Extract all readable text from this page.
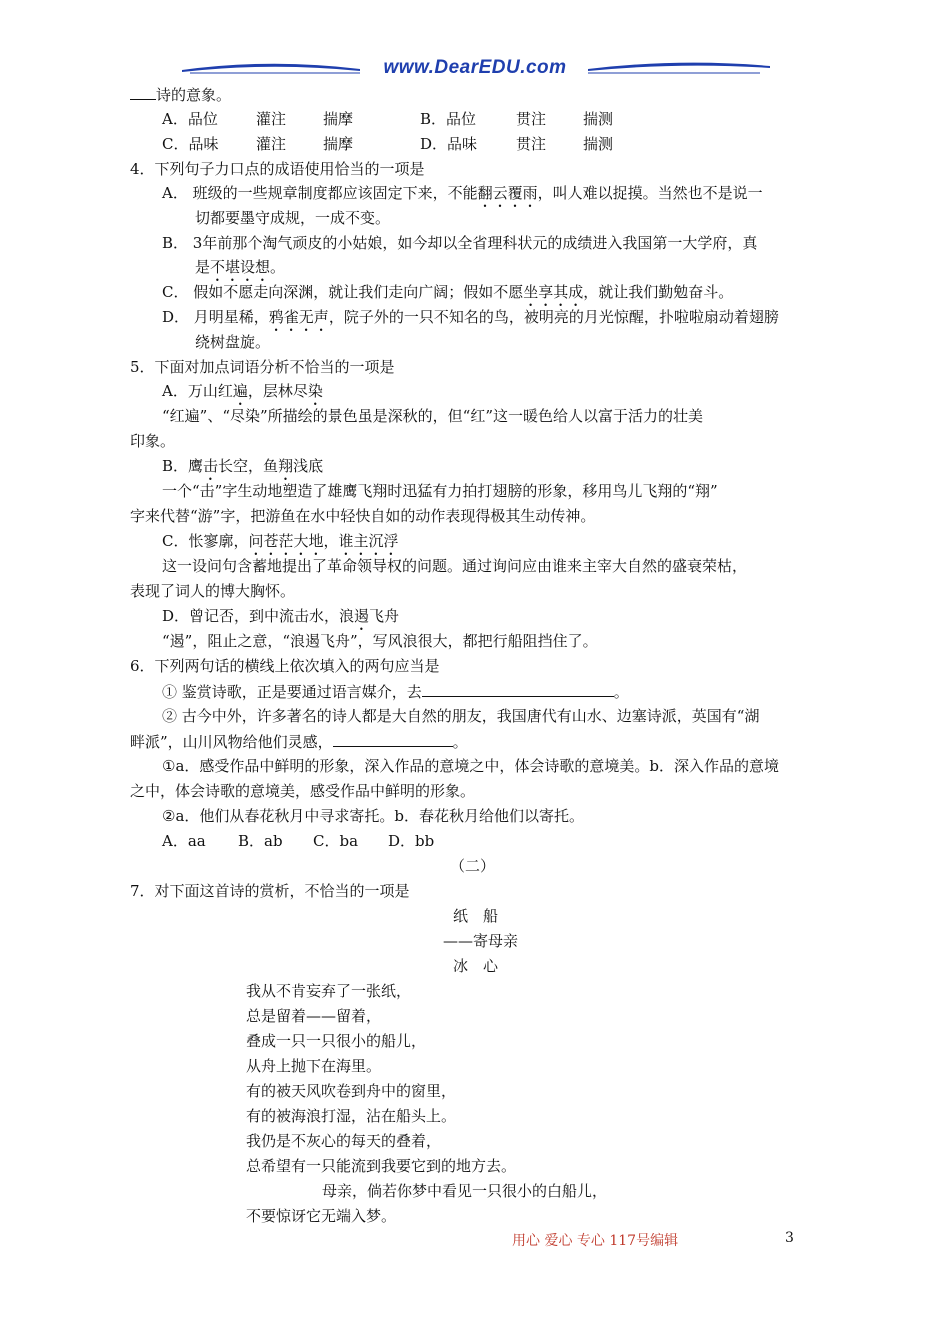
www.DearEDU.com
诗的意象。
A．品位	灌注 揣摩	B．品位	贯注 揣测
C．品味	灌注 揣摩	D．品味	贯注 揣测
4．下列句子力口点的成语使用恰当的一项是
A． 班级的一些规章制度都应该固定下来，不能翻云覆雨，叫人难以捉摸。当然也不是说一
切都要墨守成规，一成不变。
B． 3年前那个淘气顽皮的小姑娘，如今却以全省理科状元的成绩进入我国第一大学府，真
是不堪设想。
C． 假如不愿走向深渊，就让我们走向广阔；假如不愿坐享其成，就让我们勤勉奋斗。
D． 月明星稀，鸦雀无声，院子外的一只不知名的鸟，被明亮的月光惊醒，扑啦啦扇动着翅膀
绕树盘旋。
5．下面对加点词语分析不恰当的一项是
A．万山红遍，层林尽染
“红遍”、“尽染”所描绘的景色虽是深秋的，但“红”这一暖色给人以富于活力的壮美
印象。
B．鹰击长空，鱼翔浅底
一个“击”字生动地塑造了雄鹰飞翔时迅猛有力拍打翅膀的形象，移用鸟儿飞翔的“翔”
字来代替“游”字，把游鱼在水中轻快自如的动作表现得极其生动传神。
C．怅寥廓，问苍茫大地，谁主沉浮
这一设问句含蓄地提出了革命领导权的问题。通过询问应由谁来主宰大自然的盛衰荣枯，
表现了词人的博大胸怀。
D．曾记否，到中流击水，浪遏飞舟
“遏”，阻止之意，“浪遏飞舟”，写风浪很大，都把行船阻挡住了。
6．下列两句话的横线上依次填入的两句应当是
① 鉴赏诗歌，正是要通过语言媒介，去	。
② 古今中外，许多著名的诗人都是大自然的朋友，我国唐代有山水、边塞诗派，英国有“湖
畔派”，山川风物给他们灵感，	。
①a．感受作品中鲜明的形象，深入作品的意境之中，体会诗歌的意境美。b．深入作品的意境
之中，体会诗歌的意境美，感受作品中鲜明的形象。
②a．他们从春花秋月中寻求寄托。b．春花秋月给他们以寄托。
A．aa B．ab C．ba D．bb
（二）
7．对下面这首诗的赏析，不恰当的一项是
纸　船
——寄母亲
冰　心
我从不肯妄弃了一张纸，
总是留着——留着，
叠成一只一只很小的船儿，
从舟上抛下在海里。
有的被天风吹卷到舟中的窗里，
有的被海浪打湿，沾在船头上。
我仍是不灰心的每天的叠着，
总希望有一只能流到我要它到的地方去。
母亲，倘若你梦中看见一只很小的白船儿，
不要惊讶它无端入梦。
用心 爱心 专心 117号编辑	3
